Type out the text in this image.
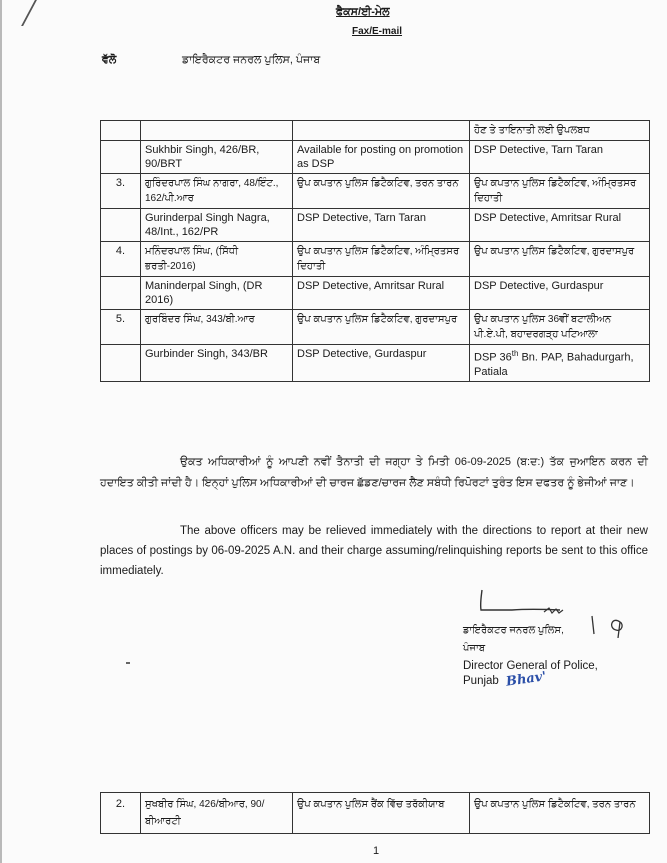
ਫੈਕਸ/ਈ-ਮੇਲ
Fax/E-mail
ਵੱਲੋ	ਡਾਇਰੈਕਟਰ ਜਨਰਲ ਪੁਲਿਸ, ਪੰਜਾਬ
			ਹੋਣ ਤੇ ਤਾਇਨਾਤੀ ਲਈ ਉਪਲਬਧ
	Sukhbir Singh, 426/BR, 90/BRT	Available for posting on promotion as DSP	DSP Detective, Tarn Taran
3.	ਗੁਰਿੰਦਰਪਾਲ ਸਿੰਘ ਨਾਗਰਾ, 48/ਇੰਟ., 162/ਪੀ.ਆਰ	ਉਪ ਕਪਤਾਨ ਪੁਲਿਸ ਡਿਟੈਕਟਿਵ, ਤਰਨ ਤਾਰਨ	ਉਪ ਕਪਤਾਨ ਪੁਲਿਸ ਡਿਟੈਕਟਿਵ, ਅੰਮ੍ਰਿਤਸਰ ਦਿਹਾਤੀ
	Gurinderpal Singh Nagra, 48/Int., 162/PR	DSP Detective, Tarn Taran	DSP Detective, Amritsar Rural
4.	ਮਨਿੰਦਰਪਾਲ ਸਿੰਘ, (ਸਿੱਧੀ ਭਰਤੀ-2016)	ਉਪ ਕਪਤਾਨ ਪੁਲਿਸ ਡਿਟੈਕਟਿਵ, ਅੰਮ੍ਰਿਤਸਰ ਦਿਹਾਤੀ	ਉਪ ਕਪਤਾਨ ਪੁਲਿਸ ਡਿਟੈਕਟਿਵ, ਗੁਰਦਾਸਪੁਰ
	Maninderpal Singh, (DR 2016)	DSP Detective, Amritsar Rural	DSP Detective, Gurdaspur
5.	ਗੁਰਬਿੰਦਰ ਸਿੰਘ, 343/ਬੀ.ਆਰ	ਉਪ ਕਪਤਾਨ ਪੁਲਿਸ ਡਿਟੈਕਟਿਵ, ਗੁਰਦਾਸਪੁਰ	ਉਪ ਕਪਤਾਨ ਪੁਲਿਸ 36ਵੀਂ ਬਟਾਲੀਅਨ ਪੀ.ਏ.ਪੀ, ਬਹਾਦਰਗੜ੍ਹ ਪਟਿਆਲਾ
	Gurbinder Singh, 343/BR	DSP Detective, Gurdaspur	DSP 36th Bn. PAP, Bahadurgarh, Patiala
ਉਕਤ ਅਧਿਕਾਰੀਆਂ ਨੂੰ ਆਪਣੀ ਨਵੀਂ ਤੈਨਾਤੀ ਦੀ ਜਗ੍ਹਾ ਤੇ ਮਿਤੀ 06-09-2025 (ਬ:ਦ:) ਤੱਕ ਜੁਆਇਨ ਕਰਨ ਦੀ ਹਦਾਇਤ ਕੀਤੀ ਜਾਂਦੀ ਹੈ। ਇਨ੍ਹਾਂ ਪੁਲਿਸ ਅਧਿਕਾਰੀਆਂ ਦੀ ਚਾਰਜ ਛੱਡਣ/ਚਾਰਜ ਲੈਣ ਸਬੰਧੀ ਰਿਪੋਰਟਾਂ ਤੁਰੰਤ ਇਸ ਦਫਤਰ ਨੂੰ ਭੇਜੀਆਂ ਜਾਣ।
The above officers may be relieved immediately with the directions to report at their new places of postings by 06-09-2025 A.N. and their charge assuming/relinquishing reports be sent to this office immediately.
ਡਾਇਰੈਕਟਰ ਜਨਰਲ ਪੁਲਿਸ,
ਪੰਜਾਬ
Director General of Police,
Punjab Bhav'
2.	ਸੁਖਬੀਰ ਸਿੰਘ, 426/ਬੀਆਰ, 90/ਬੀਆਰਟੀ	ਉਪ ਕਪਤਾਨ ਪੁਲਿਸ ਰੈਂਕ ਵਿੱਚ ਤਰੱਕੀਯਾਬ	ਉਪ ਕਪਤਾਨ ਪੁਲਿਸ ਡਿਟੈਕਟਿਵ, ਤਰਨ ਤਾਰਨ
1
